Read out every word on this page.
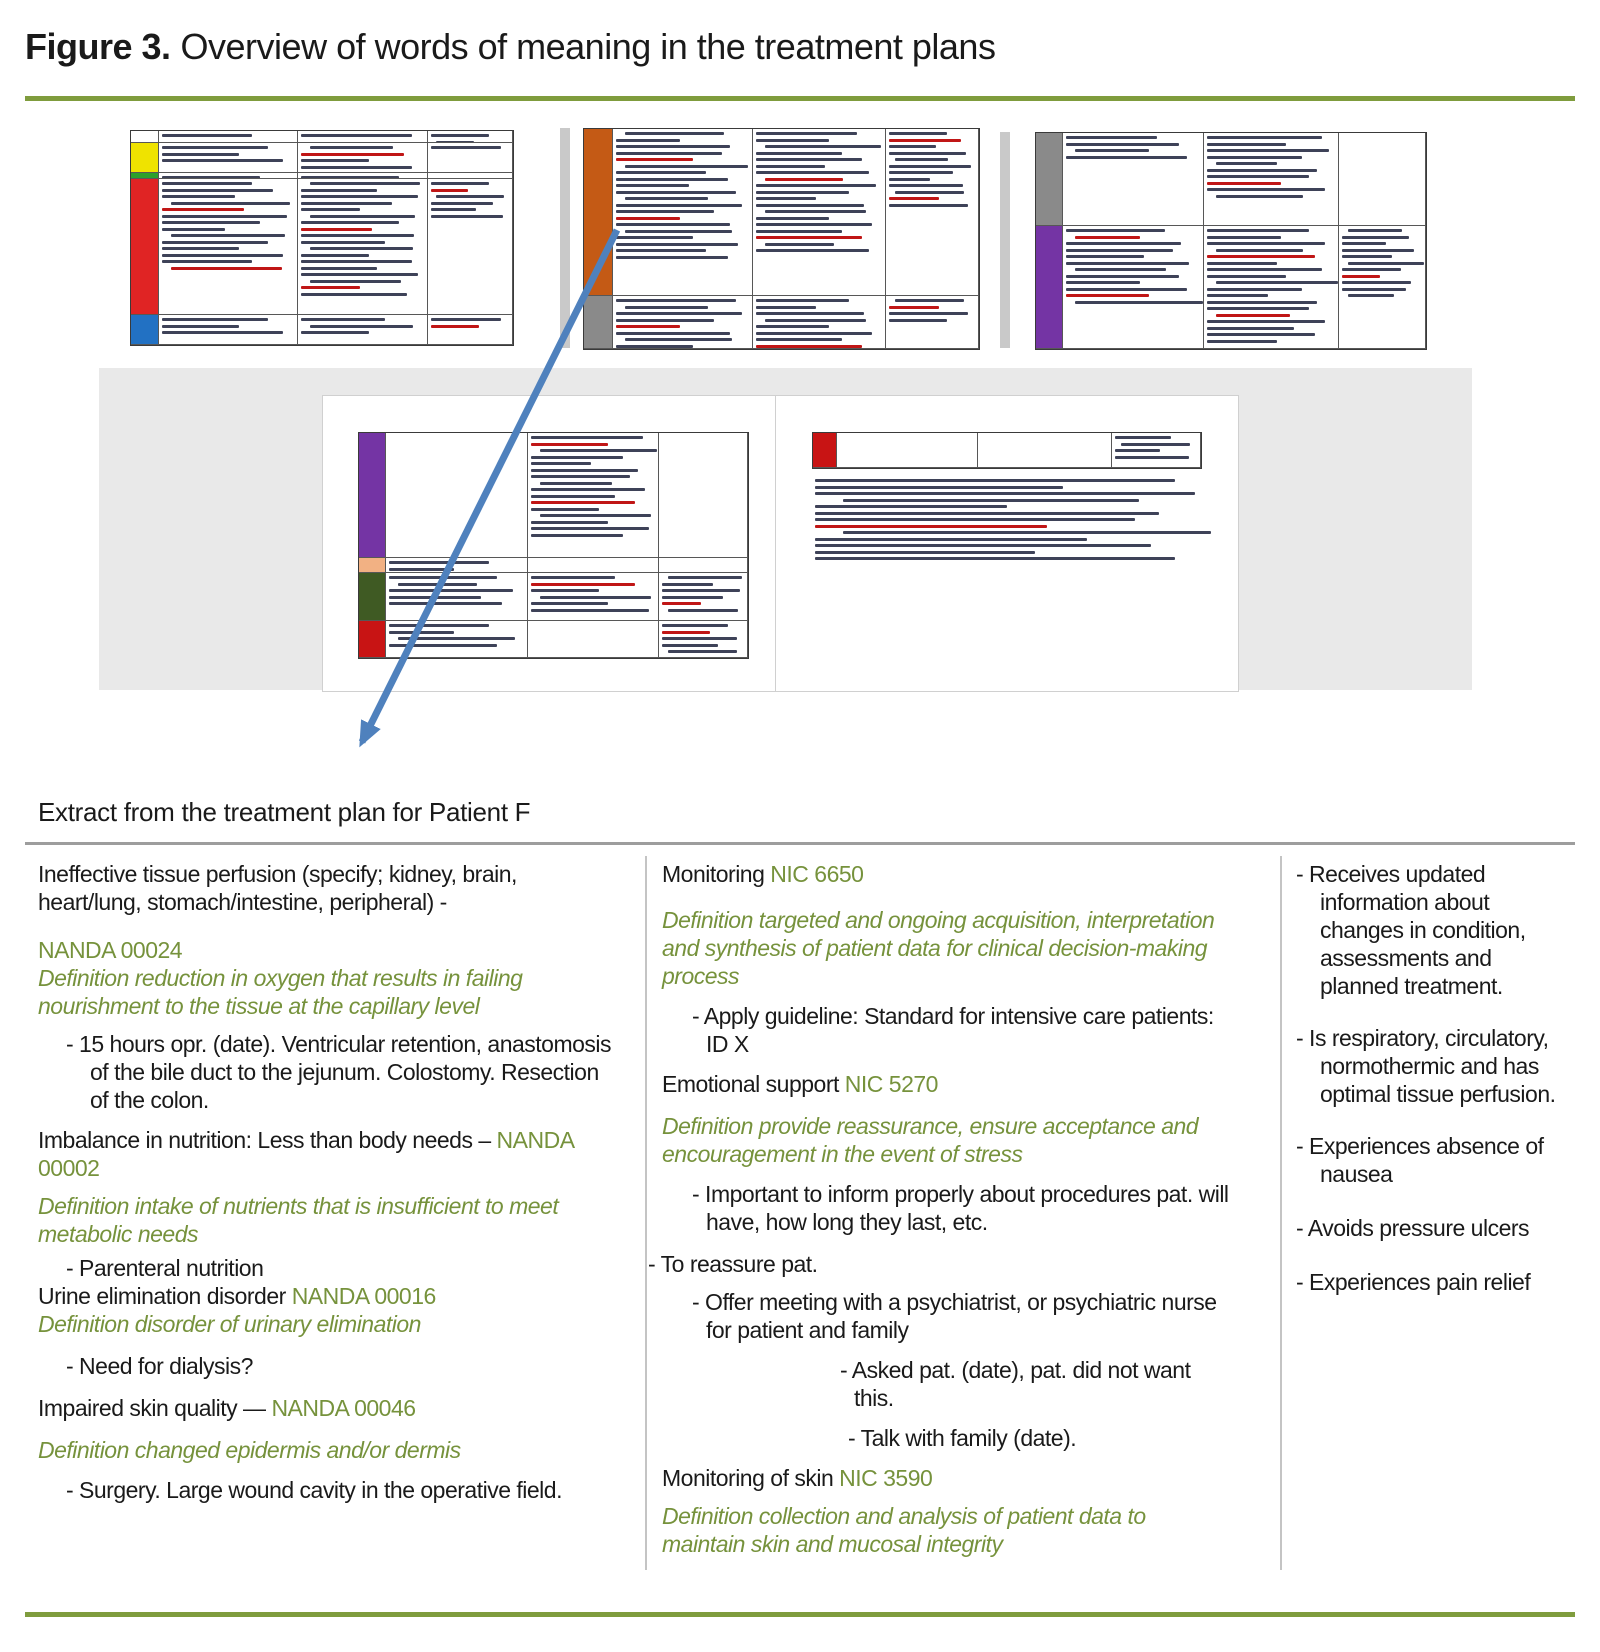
Figure 3. Overview of words of meaning in the treatment plans
Extract from the treatment plan for Patient F

Ineffective tissue perfusion (specify; kidney, brain, heart/lung, stomach/intestine, peripheral) -

NANDA 00024

Definition reduction in oxygen that results in failing nourishment to the tissue at the capillary level

- 15 hours opr. (date). Ventricular retention, anastomosis of the bile duct to the jejunum. Colostomy. Resection of the colon.

Imbalance in nutrition: Less than body needs – NANDA 00002

Definition intake of nutrients that is insufficient to meet metabolic needs

- Parenteral nutrition

Urine elimination disorder NANDA 00016

Definition disorder of urinary elimination

- Need for dialysis?

Impaired skin quality — NANDA 00046

Definition changed epidermis and/or dermis

- Surgery. Large wound cavity in the operative field.

Monitoring NIC 6650

Definition targeted and ongoing acquisition, interpretation and synthesis of patient data for clinical decision-making process

- Apply guideline: Standard for intensive care patients: ID X

Emotional support NIC 5270

Definition provide reassurance, ensure acceptance and encouragement in the event of stress

- Important to inform properly about procedures pat. will have, how long they last, etc.

- To reassure pat.

- Offer meeting with a psychiatrist, or psychiatric nurse for patient and family

- Asked pat. (date), pat. did not want this.

- Talk with family (date).

Monitoring of skin NIC 3590

Definition collection and analysis of patient data to maintain skin and mucosal integrity

- Receives updated information about changes in condition, assessments and planned treatment.

- Is respiratory, circulatory, normothermic and has optimal tissue perfusion.

- Experiences absence of nausea

- Avoids pressure ulcers

- Experiences pain relief
